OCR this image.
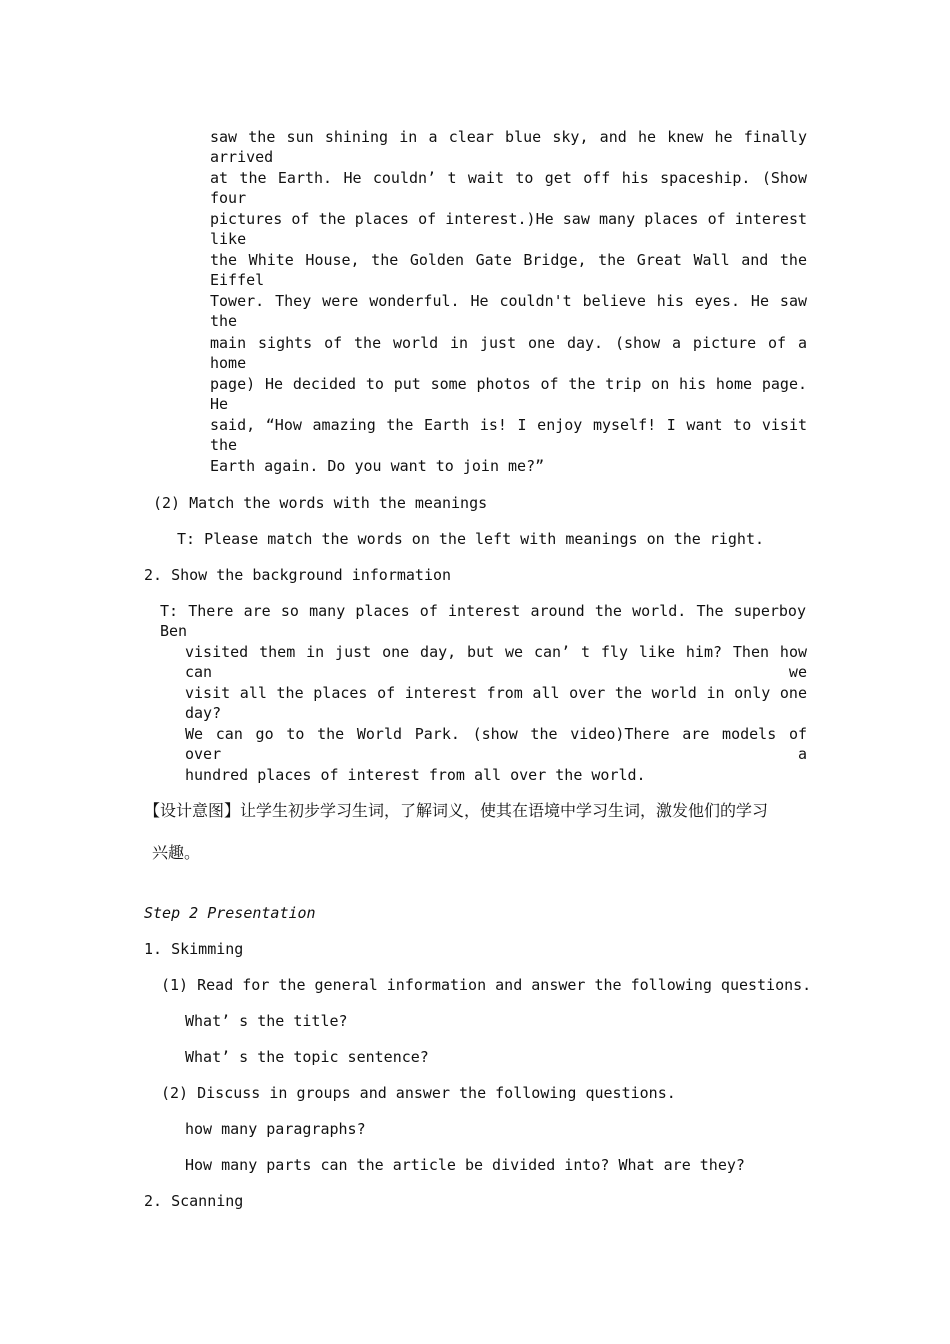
saw the sun shining in a clear blue sky, and he knew he finally arrived
at the Earth. He couldn’ t wait to get off his spaceship. (Show four
pictures of the places of interest.)He saw many places of interest like
the White House, the Golden Gate Bridge, the Great Wall and the Eiffel
Tower. They were wonderful. He couldn't believe his eyes. He saw the
main sights of the world in just one day. (show a picture of a home
page) He decided to put some photos of the trip on his home page. He
said, “How amazing the Earth is! I enjoy myself! I want to visit the
Earth again. Do you want to join me?”
(2) Match the words with the meanings
T: Please match the words on the left with meanings on the right.
2. Show the background information
T: There are so many places of interest around the world. The superboy Ben
visited them in just one day, but we can’ t fly like him? Then how can we
visit all the places of interest from all over the world in only one day?
We can go to the World Park. (show the video)There are models of over a
hundred places of interest from all over the world.
【设计意图】让学生初步学习生词，了解词义，使其在语境中学习生词，激发他们的学习
兴趣。
Step 2 Presentation
1. Skimming
(1) Read for the general information and answer the following questions.
What’ s the title?
What’ s the topic sentence?
(2) Discuss in groups and answer the following questions.
how many paragraphs?
How many parts can the article be divided into? What are they?
2. Scanning
